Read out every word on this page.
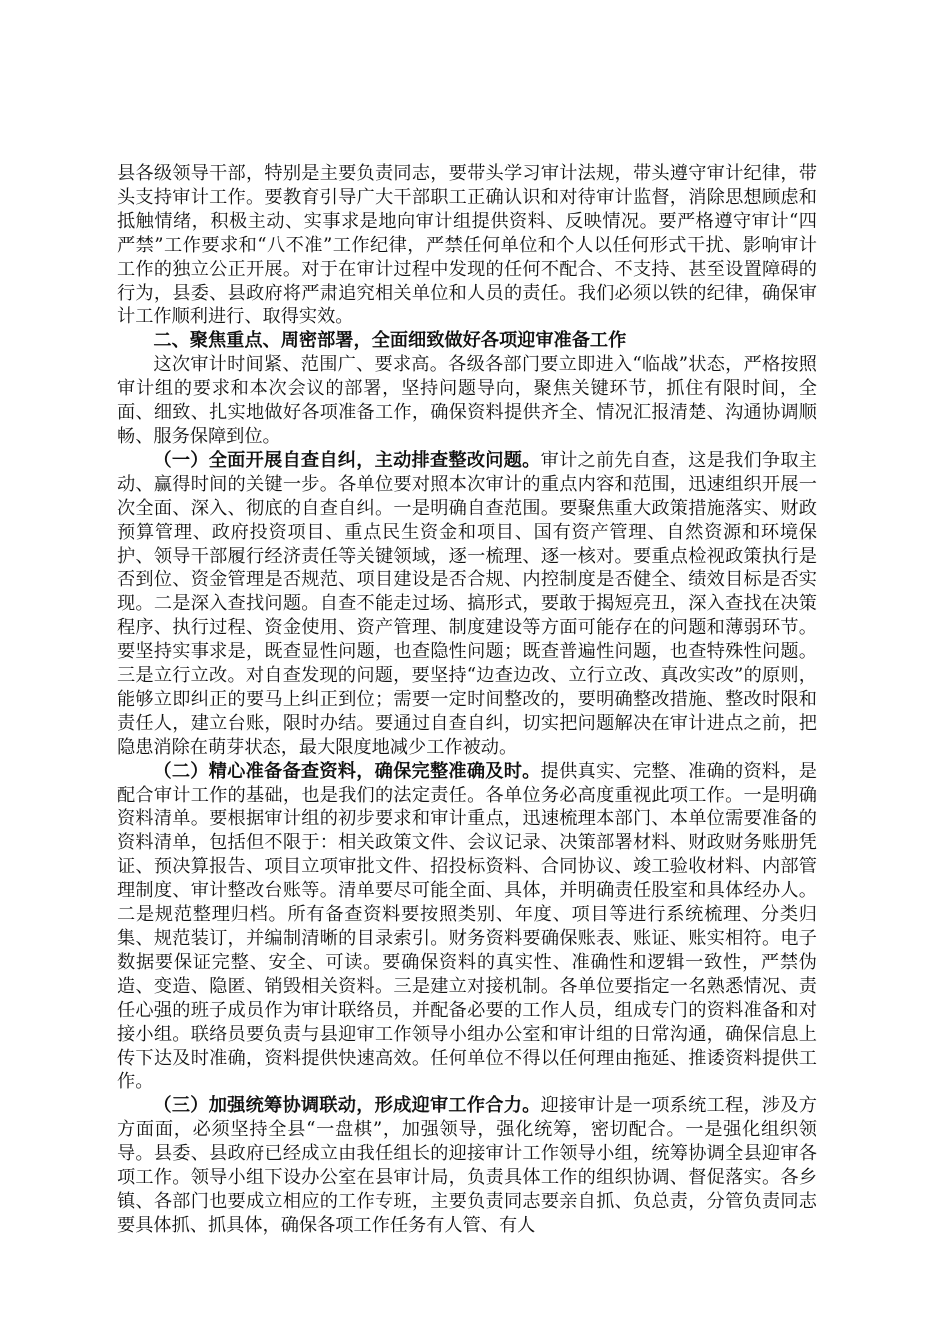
县各级领导干部，特别是主要负责同志，要带头学习审计法规，带头遵守审计纪律，带头支持审计工作。要教育引导广大干部职工正确认识和对待审计监督，消除思想顾虑和抵触情绪，积极主动、实事求是地向审计组提供资料、反映情况。要严格遵守审计“四严禁”工作要求和“八不准”工作纪律，严禁任何单位和个人以任何形式干扰、影响审计工作的独立公正开展。对于在审计过程中发现的任何不配合、不支持、甚至设置障碍的行为，县委、县政府将严肃追究相关单位和人员的责任。我们必须以铁的纪律，确保审计工作顺利进行、取得实效。

二、聚焦重点、周密部署，全面细致做好各项迎审准备工作

这次审计时间紧、范围广、要求高。各级各部门要立即进入“临战”状态，严格按照审计组的要求和本次会议的部署，坚持问题导向，聚焦关键环节，抓住有限时间，全面、细致、扎实地做好各项准备工作，确保资料提供齐全、情况汇报清楚、沟通协调顺畅、服务保障到位。

（一）全面开展自查自纠，主动排查整改问题。审计之前先自查，这是我们争取主动、赢得时间的关键一步。各单位要对照本次审计的重点内容和范围，迅速组织开展一次全面、深入、彻底的自查自纠。一是明确自查范围。要聚焦重大政策措施落实、财政预算管理、政府投资项目、重点民生资金和项目、国有资产管理、自然资源和环境保护、领导干部履行经济责任等关键领域，逐一梳理、逐一核对。要重点检视政策执行是否到位、资金管理是否规范、项目建设是否合规、内控制度是否健全、绩效目标是否实现。二是深入查找问题。自查不能走过场、搞形式，要敢于揭短亮丑，深入查找在决策程序、执行过程、资金使用、资产管理、制度建设等方面可能存在的问题和薄弱环节。要坚持实事求是，既查显性问题，也查隐性问题；既查普遍性问题，也查特殊性问题。三是立行立改。对自查发现的问题，要坚持“边查边改、立行立改、真改实改”的原则，能够立即纠正的要马上纠正到位；需要一定时间整改的，要明确整改措施、整改时限和责任人，建立台账，限时办结。要通过自查自纠，切实把问题解决在审计进点之前，把隐患消除在萌芽状态，最大限度地减少工作被动。

（二）精心准备备查资料，确保完整准确及时。提供真实、完整、准确的资料，是配合审计工作的基础，也是我们的法定责任。各单位务必高度重视此项工作。一是明确资料清单。要根据审计组的初步要求和审计重点，迅速梳理本部门、本单位需要准备的资料清单，包括但不限于：相关政策文件、会议记录、决策部署材料、财政财务账册凭证、预决算报告、项目立项审批文件、招投标资料、合同协议、竣工验收材料、内部管理制度、审计整改台账等。清单要尽可能全面、具体，并明确责任股室和具体经办人。二是规范整理归档。所有备查资料要按照类别、年度、项目等进行系统梳理、分类归集、规范装订，并编制清晰的目录索引。财务资料要确保账表、账证、账实相符。电子数据要保证完整、安全、可读。要确保资料的真实性、准确性和逻辑一致性，严禁伪造、变造、隐匿、销毁相关资料。三是建立对接机制。各单位要指定一名熟悉情况、责任心强的班子成员作为审计联络员，并配备必要的工作人员，组成专门的资料准备和对接小组。联络员要负责与县迎审工作领导小组办公室和审计组的日常沟通，确保信息上传下达及时准确，资料提供快速高效。任何单位不得以任何理由拖延、推诿资料提供工作。

（三）加强统筹协调联动，形成迎审工作合力。迎接审计是一项系统工程，涉及方方面面，必须坚持全县“一盘棋”，加强领导，强化统筹，密切配合。一是强化组织领导。县委、县政府已经成立由我任组长的迎接审计工作领导小组，统筹协调全县迎审各项工作。领导小组下设办公室在县审计局，负责具体工作的组织协调、督促落实。各乡镇、各部门也要成立相应的工作专班，主要负责同志要亲自抓、负总责，分管负责同志要具体抓、抓具体，确保各项工作任务有人管、有人
